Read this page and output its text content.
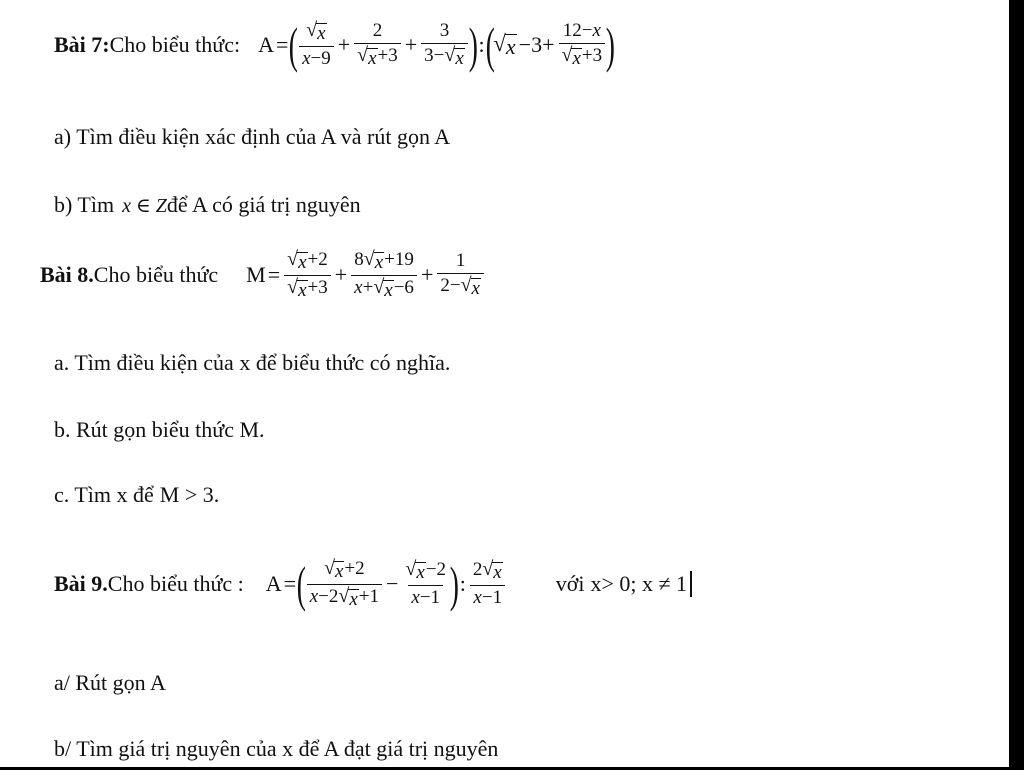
Bài 7: Cho biểu thức: A = ( $\frac{√ x}{x-9} + \frac{2}{√ x +3} + \frac{3}{3- √ x}$ ) : (
√ $x -3+ \frac{12-x}{√ x +3}$ )
a) Tìm điều kiện xác định của A và rút gọn A
b) Tìm x ∈ Z để A có giá trị nguyên
Bài 8. Cho biểu thức $M = \frac{√ x +2}{√ x +3} + \frac{8 √ x +19}{x+ √ x -6} + \frac{1}{2- √ x}$
a. Tìm điều kiện của x để biểu thức có nghĩa.
b. Rút gọn biểu thức M.
c. Tìm x để M > 3.
Bài 9. Cho biểu thức : A = ( $\frac{√ x +2}{x-2 √ x +1} - \frac{√ x -2}{x-1}$ ) : $\frac{2 √ x}{x-1}$ với x> 0; x ≠ 1
a/ Rút gọn A
b/ Tìm giá trị nguyên của x để A đạt giá trị nguyên
